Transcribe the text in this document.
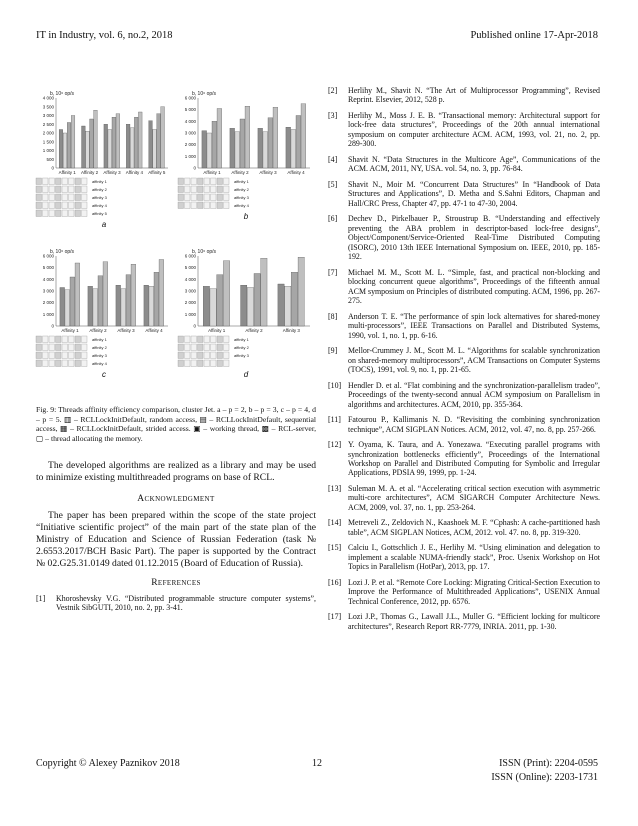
IT in Industry, vol. 6, no.2, 2018	Published online 17-Apr-2018
b, 10⁶ op/s
0
500
1 000
1 500
2 000
2 500
3 000
3 500
4 000
Affinity 1 Affinity 2 Affinity 3 Affinity 4 Affinity 5
affinity 1
affinity 2
affinity 3
affinity 4
affinity 5
a
b, 10⁶ op/s
0
1 000
2 000
3 000
4 000
5 000
6 000
Affinity 1 Affinity 2 Affinity 3 Affinity 4
affinity 1
affinity 2
affinity 3
affinity 4
b
b, 10⁶ op/s
0
1 000
2 000
3 000
4 000
5 000
6 000
Affinity 1 Affinity 2 Affinity 3 Affinity 4
affinity 1
affinity 2
affinity 3
affinity 4
c
b, 10⁶ op/s
0
1 000
2 000
3 000
4 000
5 000
6 000
Affinity 1	Affinity 2	Affinity 3
affinity 1
affinity 2
affinity 3
d
Fig. 9: Threads affinity efficiency comparison, cluster Jet. a – p = 2, b – p = 3, c – p = 4, d – p = 5. ▥ – RCLLockInitDefault, random access, ▤ – RCLLockInitDefault, sequential access, ▦ – RCLLockInitDefault, strided access. ▣ – working thread, ▩ – RCL-server, ▢ – thread allocating the memory.

The developed algorithms are realized as a library and may be used to minimize existing multithreaded programs on base of RCL.

Acknowledgment

The paper has been prepared within the scope of the state project “Initiative scientific project” of the main part of the state plan of the Ministry of Education and Science of Russian Federation (task № 2.6553.2017/BCH Basic Part). The paper is supported by the Contract № 02.G25.31.0149 dated 01.12.2015 (Board of Education of Russia).

References
[1] Khoroshevsky V.G. “Distributed programmable structure computer systems”, Vestnik SibGUTI, 2010, no. 2, pp. 3-41.
[2] Herlihy M., Shavit N. “The Art of Multiprocessor Programming”, Revised Reprint. Elsevier, 2012, 528 p.
[3] Herlihy M., Moss J. E. B. “Transactional memory: Architectural support for lock-free data structures”, Proceedings of the 20th annual international symposium on computer architecture ACM. ACM, 1993, vol. 21, no. 2, pp. 289-300.
[4] Shavit N. “Data Structures in the Multicore Age”, Communications of the ACM. ACM, 2011, NY, USA. vol. 54, no. 3, pp. 76-84.
[5] Shavit N., Moir M. “Concurrent Data Structures” In “Handbook of Data Structures and Applications”, D. Metha and S.Sahni Editors, Chapman and Hall/CRC Press, Chapter 47, pp. 47-1 to 47-30, 2004.
[6] Dechev D., Pirkelbauer P., Stroustrup B. “Understanding and effectively preventing the ABA problem in descriptor-based lock-free designs”, Object/Component/Service-Oriented Real-Time Distributed Computing (ISORC), 2010 13th IEEE International Symposium on. IEEE, 2010, pp. 185-192.
[7] Michael M. M., Scott M. L. “Simple, fast, and practical non-blocking and blocking concurrent queue algorithms”, Proceedings of the fifteenth annual ACM symposium on Principles of distributed computing. ACM, 1996, pp. 267-275.
[8] Anderson T. E. “The performance of spin lock alternatives for shared-money multi-processors”, IEEE Transactions on Parallel and Distributed Systems, 1990, vol. 1, no. 1, pp. 6-16.
[9] Mellor-Crummey J. M., Scott M. L. “Algorithms for scalable synchronization on shared-memory multiprocessors”, ACM Transactions on Computer Systems (TOCS), 1991, vol. 9, no. 1, pp. 21-65.
[10] Hendler D. et al. “Flat combining and the synchronization-parallelism tradeo”, Proceedings of the twenty-second annual ACM symposium on Parallelism in algorithms and architectures. ACM, 2010, pp. 355-364.
[11] Fatourou P., Kallimanis N. D. “Revisiting the combining synchronization technique”, ACM SIGPLAN Notices. ACM, 2012, vol. 47, no. 8, pp. 257-266.
[12] Y. Oyama, K. Taura, and A. Yonezawa. “Executing parallel programs with synchronization bottlenecks efficiently”, Proceedings of the International Workshop on Parallel and Distributed Computing for Symbolic and Irregular Applications, PDSIA 99, 1999, pp. 1-24.
[13] Suleman M. A. et al. “Accelerating critical section execution with asymmetric multi-core architectures”, ACM SIGARCH Computer Architecture News. ACM, 2009, vol. 37, no. 1, pp. 253-264.
[14] Metreveli Z., Zeldovich N., Kaashoek M. F. “Cphash: A cache-partitioned hash table”, ACM SIGPLAN Notices, ACM, 2012. vol. 47. no. 8, pp. 319-320.
[15] Calciu I., Gottschlich J. E., Herlihy M. “Using elimination and delegation to implement a scalable NUMA-friendly stack”, Proc. Usenix Workshop on Hot Topics in Parallelism (HotPar), 2013, pp. 17.
[16] Lozi J. P. et al. “Remote Core Locking: Migrating Critical-Section Execution to Improve the Performance of Multithreaded Applications”, USENIX Annual Technical Conference, 2012, pp. 6576.
[17] Lozi J.P., Thomas G., Lawall J.L., Muller G. “Efficient locking for multicore architectures”, Research Report RR-7779, INRIA. 2011, pp. 1-30.
Copyright © Alexey Paznikov 2018	12	ISSN (Print): 2204-0595
ISSN (Online): 2203-1731
